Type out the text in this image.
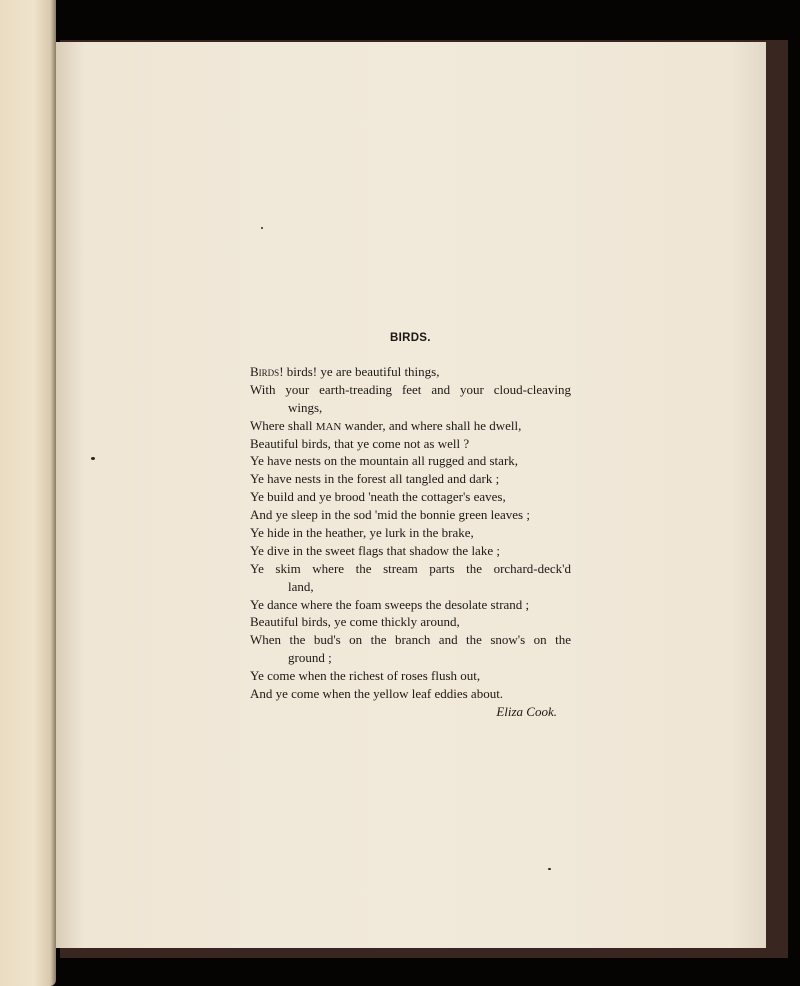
BIRDS.
Birds! birds! ye are beautiful things,
With your earth-treading feet and your cloud-cleaving
wings,
Where shall MAN wander, and where shall he dwell,
Beautiful birds, that ye come not as well ?
Ye have nests on the mountain all rugged and stark,
Ye have nests in the forest all tangled and dark ;
Ye build and ye brood 'neath the cottager's eaves,
And ye sleep in the sod 'mid the bonnie green leaves ;
Ye hide in the heather, ye lurk in the brake,
Ye dive in the sweet flags that shadow the lake ;
Ye skim where the stream parts the orchard-deck'd
land,
Ye dance where the foam sweeps the desolate strand ;
Beautiful birds, ye come thickly around,
When the bud's on the branch and the snow's on the
ground ;
Ye come when the richest of roses flush out,
And ye come when the yellow leaf eddies about.
Eliza Cook.
